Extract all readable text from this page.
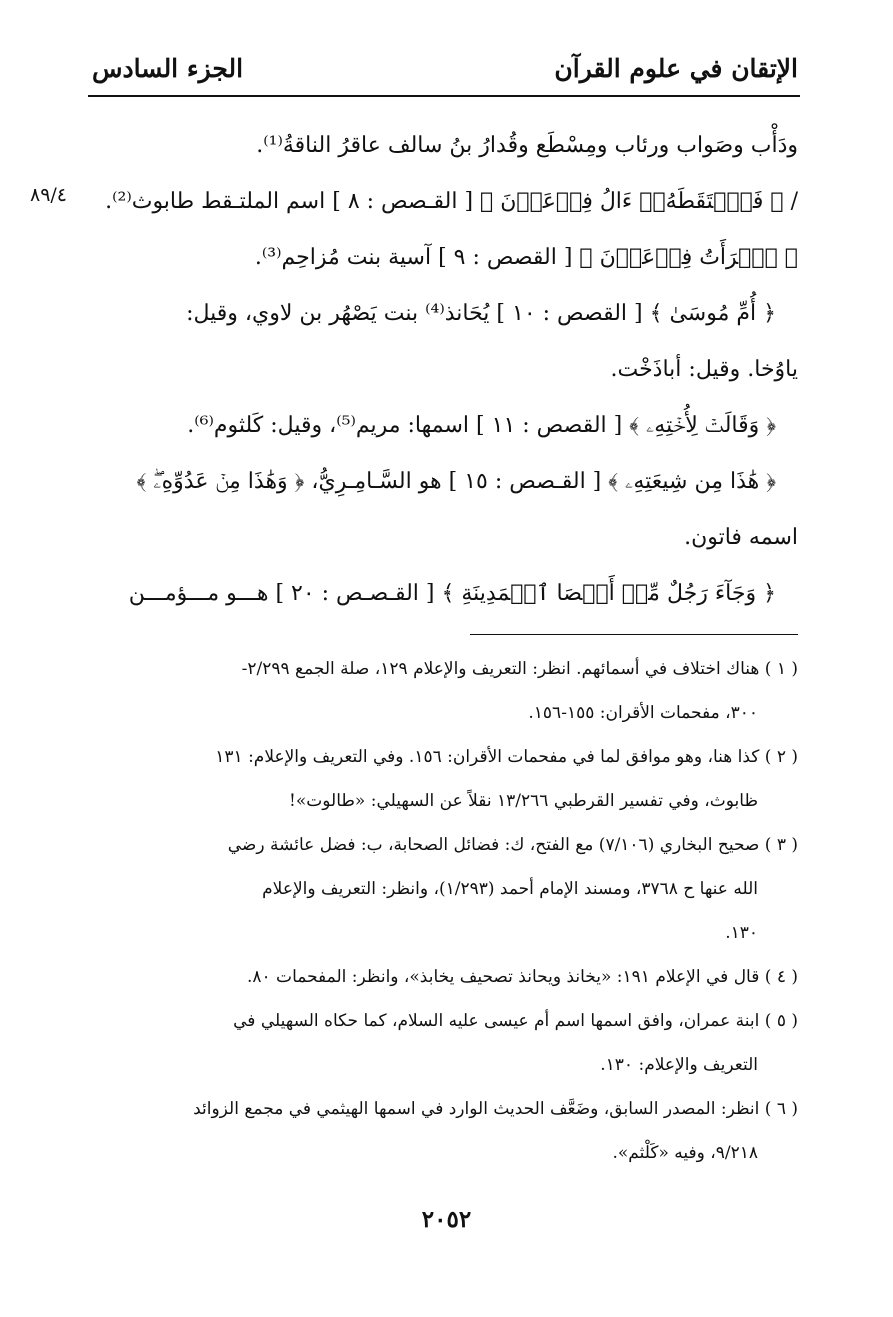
الإتقان في علوم القرآن
الجزء السادس
٨٩/٤
ودَأْب وصَواب ورئاب ومِسْطَع وقُدارُ بنُ سالف عاقرُ الناقةُ⁽¹⁾.
/ ﴿ فَٱلۡتَقَطَهُۥٓ ءَالُ فِرۡعَوۡنَ ﴾ [ القـصص : ٨ ] اسم الملتـقط طابوث⁽²⁾.
﴿ ٱمۡرَأَتُ فِرۡعَوۡنَ ﴾ [ القصص : ٩ ] آسية بنت مُزاحِم⁽³⁾.
﴿ أُمِّ مُوسَىٰ ﴾ [ القصص : ١٠ ] يُحَانذ⁽⁴⁾ بنت يَصْهُر بن لاوي، وقيل:
ياوُخا. وقيل: أباذَخْت.
﴿ وَقَالَتۡ لِأُخۡتِهِۦ ﴾ [ القصص : ١١ ] اسمها: مريم⁽⁵⁾، وقيل: كَلثوم⁽⁶⁾.
﴿ هَٰذَا مِن شِيعَتِهِۦ ﴾ [ القـصص : ١٥ ] هو السَّـامِـرِيُّ، ﴿ وَهَٰذَا مِنۡ عَدُوِّهِۦۖ ﴾
اسمه فاتون.
﴿ وَجَآءَ رَجُلٌ مِّنۡ أَقۡصَا ٱلۡمَدِينَةِ ﴾ [ القـصـص : ٢٠ ] هـــو مـــؤمـــن
( ١ ) هناك اختلاف في أسمائهم. انظر: التعريف والإعلام ١٢٩، صلة الجمع ٢/٢٩٩-
٣٠٠، مفحمات الأقران: ١٥٥-١٥٦.
( ٢ ) كذا هنا، وهو موافق لما في مفحمات الأقران: ١٥٦. وفي التعريف والإعلام: ١٣١
ظابوث، وفي تفسير القرطبي ١٣/٢٦٦ نقلاً عن السهيلي: «طالوت»!
( ٣ ) صحيح البخاري (٧/١٠٦) مع الفتح، ك: فضائل الصحابة، ب: فضل عائشة رضي
الله عنها ح ٣٧٦٨، ومسند الإمام أحمد (١/٢٩٣)، وانظر: التعريف والإعلام
١٣٠.
( ٤ ) قال في الإعلام ١٩١: «يخانذ ويحانذ تصحيف يخابذ»، وانظر: المفحمات ٨٠.
( ٥ ) ابنة عمران، وافق اسمها اسم أم عيسى عليه السلام، كما حكاه السهيلي في
التعريف والإعلام: ١٣٠.
( ٦ ) انظر: المصدر السابق، وضَعَّف الحديث الوارد في اسمها الهيثمي في مجمع الزوائد
٩/٢١٨، وفيه «كَلْثم».
٢٠٥٢
